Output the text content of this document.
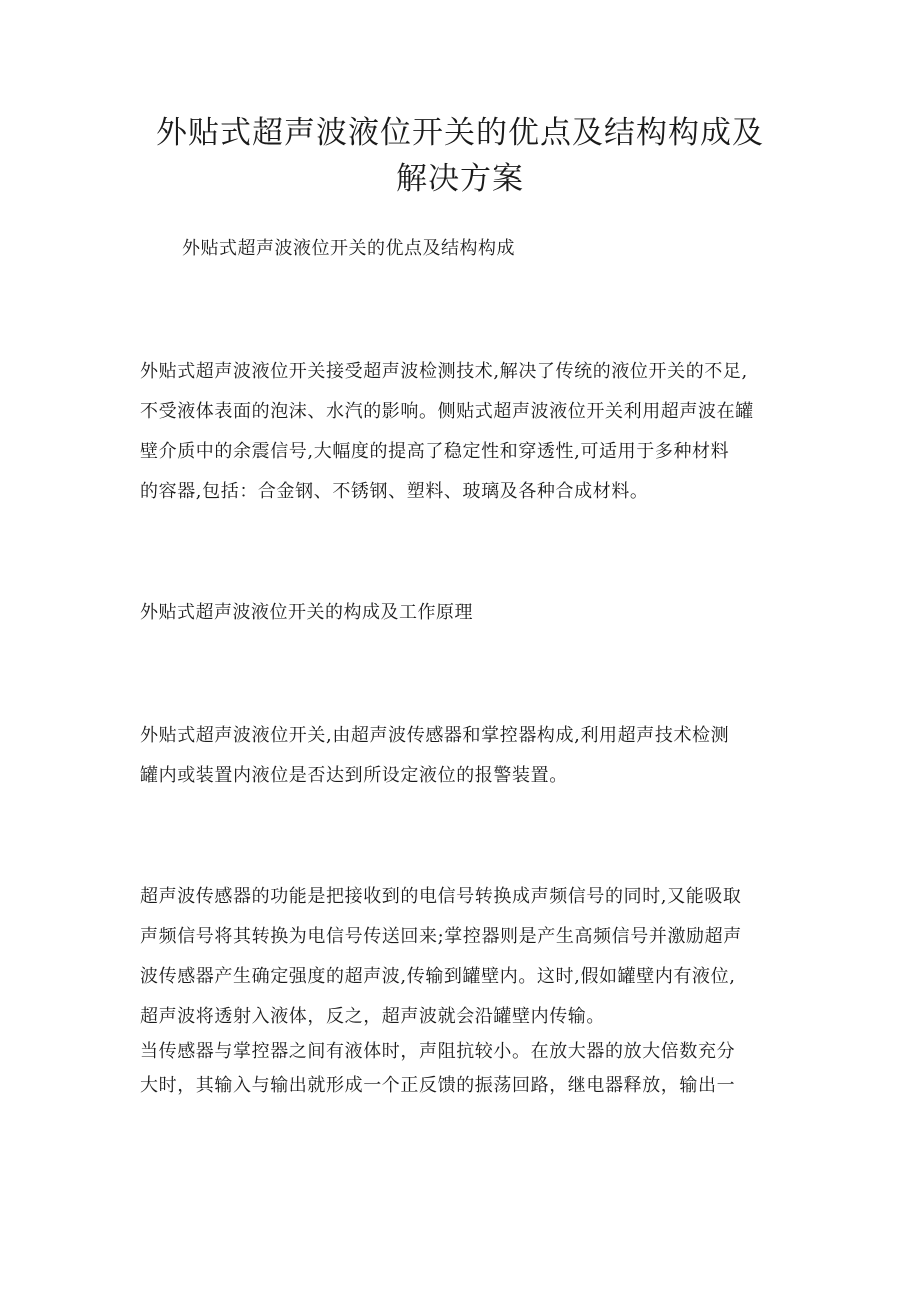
外贴式超声波液位开关的优点及结构构成及
解决方案
外贴式超声波液位开关的优点及结构构成

外贴式超声波液位开关接受超声波检测技术,解决了传统的液位开关的不足,
不受液体表面的泡沫、水汽的影响。侧贴式超声波液位开关利用超声波在罐
壁介质中的余震信号,大幅度的提高了稳定性和穿透性,可适用于多种材料
的容器,包括：合金钢、不锈钢、塑料、玻璃及各种合成材料。

外贴式超声波液位开关的构成及工作原理

外贴式超声波液位开关,由超声波传感器和掌控器构成,利用超声技术检测
罐内或装置内液位是否达到所设定液位的报警装置。

超声波传感器的功能是把接收到的电信号转换成声频信号的同时,又能吸取
声频信号将其转换为电信号传送回来;掌控器则是产生高频信号并激励超声
波传感器产生确定强度的超声波,传输到罐壁内。这时,假如罐壁内有液位,
超声波将透射入液体，反之，超声波就会沿罐壁内传输。

当传感器与掌控器之间有液体时，声阻抗较小。在放大器的放大倍数充分
大时，其输入与输出就形成一个正反馈的振荡回路，继电器释放，输出一
